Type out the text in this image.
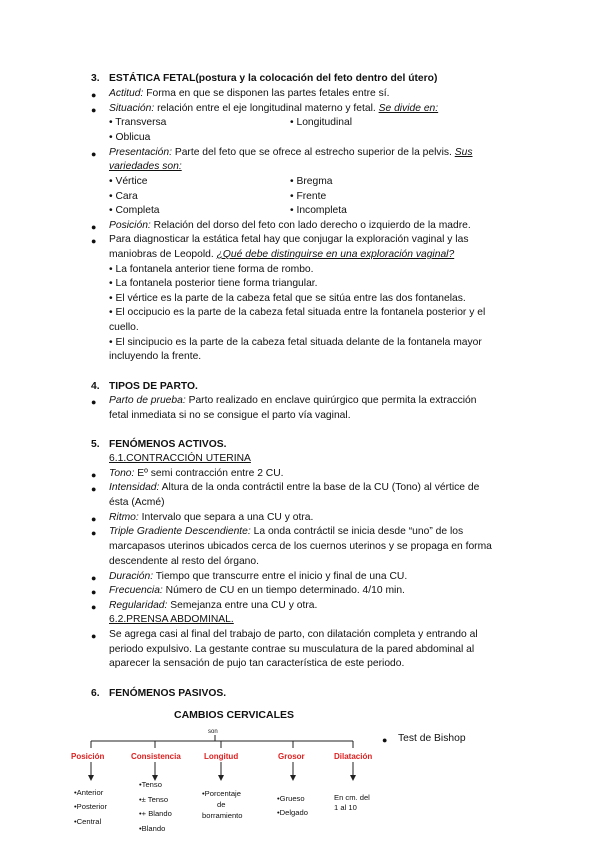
3. ESTÁTICA FETAL(postura y la colocación del feto dentro del útero)
● Actitud: Forma en que se disponen las partes fetales entre sí.
● Situación: relación entre el eje longitudinal materno y fetal. Se divide en:
• Transversa	• Longitudinal
• Oblicua
● Presentación: Parte del feto que se ofrece al estrecho superior de la pelvis. Sus
variedades son:
• Vértice	• Bregma
• Cara	• Frente
• Completa	• Incompleta
● Posición: Relación del dorso del feto con lado derecho o izquierdo de la madre.
● Para diagnosticar la estática fetal hay que conjugar la exploración vaginal y las
maniobras de Leopold. ¿Qué debe distinguirse en una exploración vaginal?
• La fontanela anterior tiene forma de rombo.
• La fontanela posterior tiene forma triangular.
• El vértice es la parte de la cabeza fetal que se sitúa entre las dos fontanelas.
• El occipucio es la parte de la cabeza fetal situada entre la fontanela posterior y el
cuello.
• El sincipucio es la parte de la cabeza fetal situada delante de la fontanela mayor
incluyendo la frente.
4. TIPOS DE PARTO.
● Parto de prueba: Parto realizado en enclave quirúrgico que permita la extracción
fetal inmediata si no se consigue el parto vía vaginal.
5. FENÓMENOS ACTIVOS.
6.1.CONTRACCIÓN UTERINA
● Tono: Eº semi contracción entre 2 CU.
● Intensidad: Altura de la onda contráctil entre la base de la CU (Tono) al vértice de
ésta (Acmé)
● Ritmo: Intervalo que separa a una CU y otra.
● Triple Gradiente Descendiente: La onda contráctil se inicia desde “uno” de los
marcapasos uterinos ubicados cerca de los cuernos uterinos y se propaga en forma
descendente al resto del órgano.
● Duración: Tiempo que transcurre entre el inicio y final de una CU.
● Frecuencia: Número de CU en un tiempo determinado. 4/10 min.
● Regularidad: Semejanza entre una CU y otra.
6.2.PRENSA ABDOMINAL.
● Se agrega casi al final del trabajo de parto, con dilatación completa y entrando al
periodo expulsivo. La gestante contrae su musculatura de la pared abdominal al
aparecer la sensación de pujo tan característica de este periodo.
6. FENÓMENOS PASIVOS.
CAMBIOS CERVICALES
son
Posición	Consistencia	Longitud	Grosor	Dilatación
•Anterior
•Posterior
•Central
•Tenso
•± Tenso
•+ Blando
•Blando
•Porcentaje
de
borramiento
•Grueso
•Delgado
En cm. del
1 al 10
● Test de Bishop
